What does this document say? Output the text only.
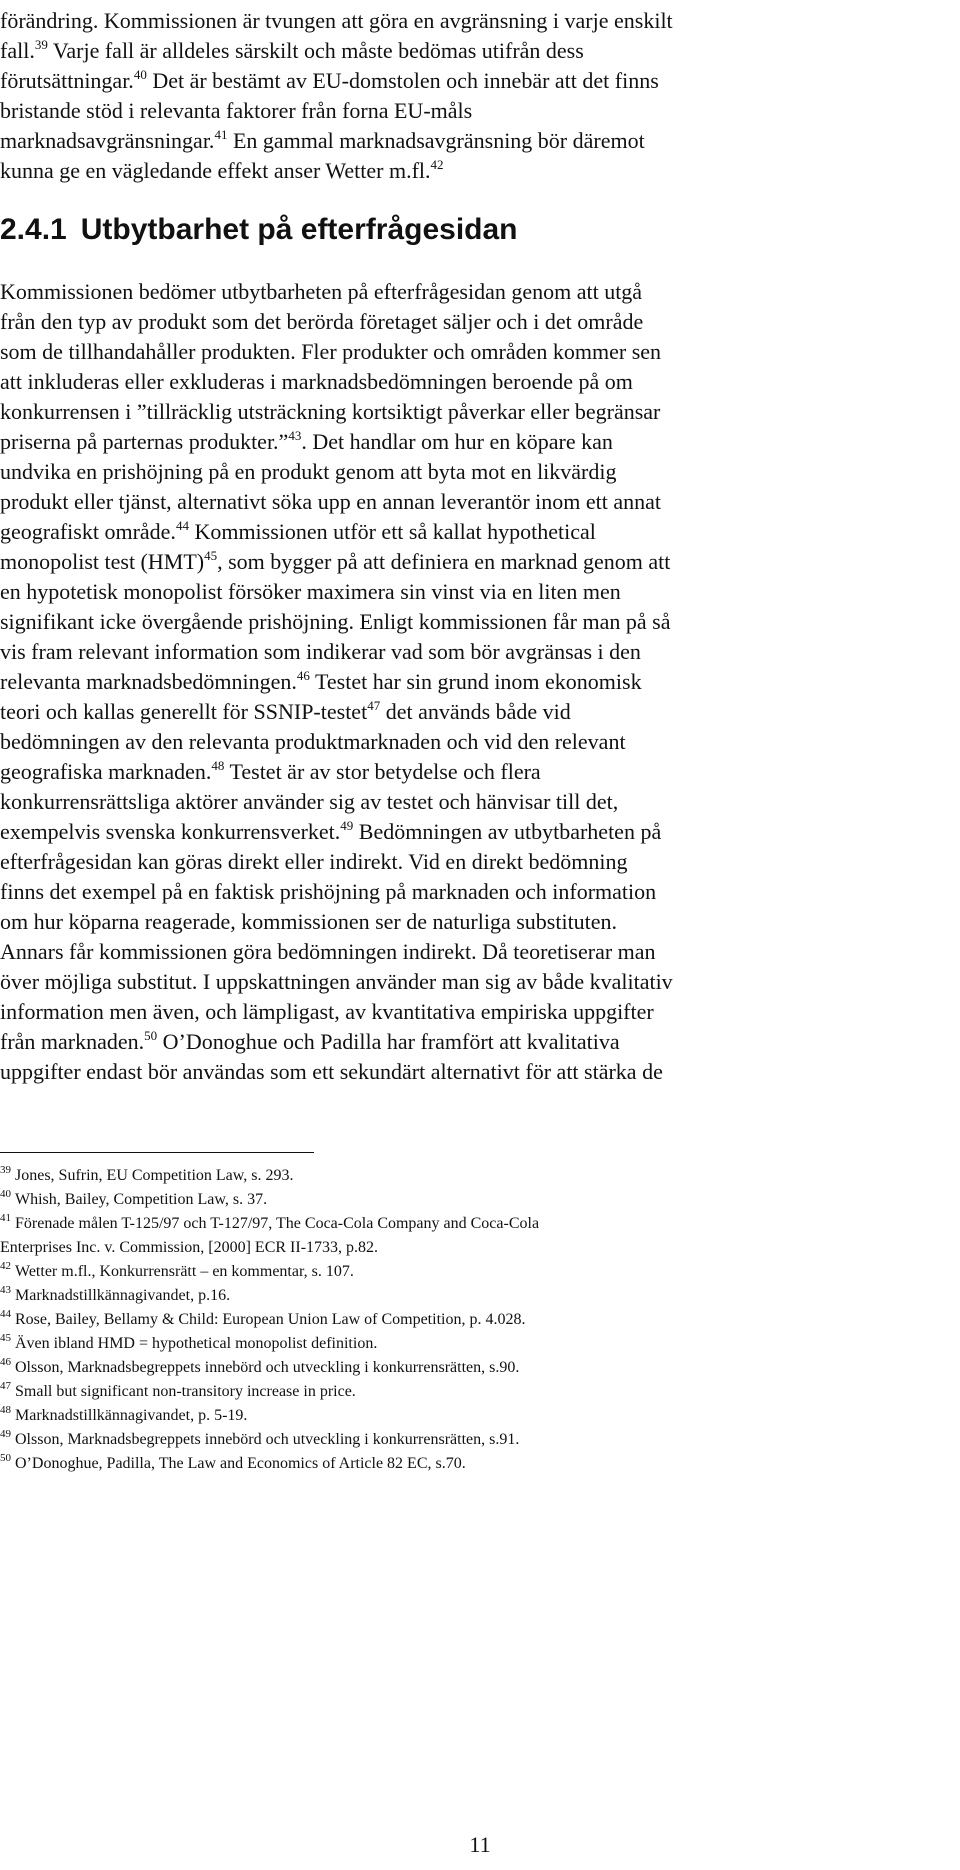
förändring. Kommissionen är tvungen att göra en avgränsning i varje enskilt
fall.$^{39}$ Varje fall är alldeles särskilt och måste bedömas utifrån dess
förutsättningar.$^{40}$ Det är bestämt av EU-domstolen och innebär att det finns
bristande stöd i relevanta faktorer från forna EU-måls
marknadsavgränsningar.$^{41}$ En gammal marknadsavgränsning bör däremot
kunna ge en vägledande effekt anser Wetter m.fl.$^{42}$
2.4.1 Utbytbarhet på efterfrågesidan
Kommissionen bedömer utbytbarheten på efterfrågesidan genom att utgå
från den typ av produkt som det berörda företaget säljer och i det område
som de tillhandahåller produkten. Fler produkter och områden kommer sen
att inkluderas eller exkluderas i marknadsbedömningen beroende på om
konkurrensen i ”tillräcklig utsträckning kortsiktigt påverkar eller begränsar
priserna på parternas produkter.”$^{43}$. Det handlar om hur en köpare kan
undvika en prishöjning på en produkt genom att byta mot en likvärdig
produkt eller tjänst, alternativt söka upp en annan leverantör inom ett annat
geografiskt område.$^{44}$ Kommissionen utför ett så kallat hypothetical
monopolist test (HMT)$^{45}$, som bygger på att definiera en marknad genom att
en hypotetisk monopolist försöker maximera sin vinst via en liten men
signifikant icke övergående prishöjning. Enligt kommissionen får man på så
vis fram relevant information som indikerar vad som bör avgränsas i den
relevanta marknadsbedömningen.$^{46}$ Testet har sin grund inom ekonomisk
teori och kallas generellt för SSNIP-testet$^{47}$ det används både vid
bedömningen av den relevanta produktmarknaden och vid den relevant
geografiska marknaden.$^{48}$ Testet är av stor betydelse och flera
konkurrensrättsliga aktörer använder sig av testet och hänvisar till det,
exempelvis svenska konkurrensverket.$^{49}$ Bedömningen av utbytbarheten på
efterfrågesidan kan göras direkt eller indirekt. Vid en direkt bedömning
finns det exempel på en faktisk prishöjning på marknaden och information
om hur köparna reagerade, kommissionen ser de naturliga substituten.
Annars får kommissionen göra bedömningen indirekt. Då teoretiserar man
över möjliga substitut. I uppskattningen använder man sig av både kvalitativ
information men även, och lämpligast, av kvantitativa empiriska uppgifter
från marknaden.$^{50}$ O’Donoghue och Padilla har framfört att kvalitativa
uppgifter endast bör användas som ett sekundärt alternativt för att stärka de
$^{39}$ Jones, Sufrin, EU Competition Law, s. 293.
$^{40}$ Whish, Bailey, Competition Law, s. 37.
$^{41}$ Förenade målen T-125/97 och T-127/97, The Coca-Cola Company and Coca-Cola
Enterprises Inc. v. Commission, [2000] ECR II-1733, p.82.
$^{42}$ Wetter m.fl., Konkurrensrätt – en kommentar, s. 107.
$^{43}$ Marknadstillkännagivandet, p.16.
$^{44}$ Rose, Bailey, Bellamy & Child: European Union Law of Competition, p. 4.028.
$^{45}$ Även ibland HMD = hypothetical monopolist definition.
$^{46}$ Olsson, Marknadsbegreppets innebörd och utveckling i konkurrensrätten, s.90.
$^{47}$ Small but significant non-transitory increase in price.
$^{48}$ Marknadstillkännagivandet, p. 5-19.
$^{49}$ Olsson, Marknadsbegreppets innebörd och utveckling i konkurrensrätten, s.91.
$^{50}$ O’Donoghue, Padilla, The Law and Economics of Article 82 EC, s.70.
11
